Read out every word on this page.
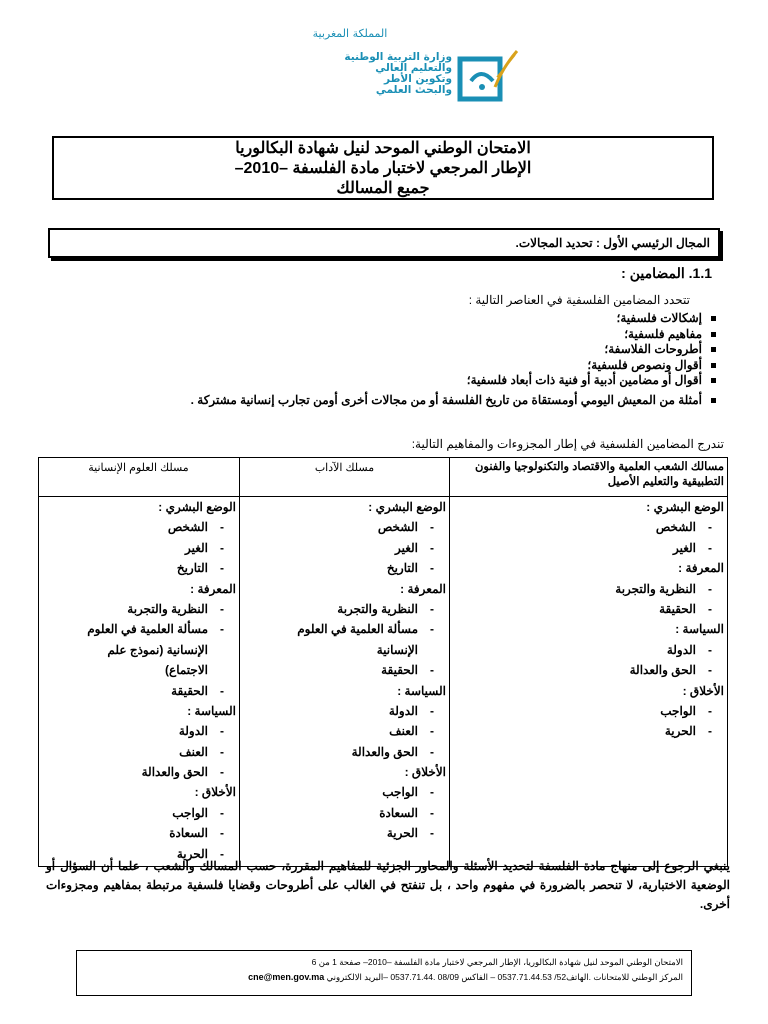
المملكة المغربية
وزارة التربية الوطنية
والتعليم العالي
وتكوين الأطر
والبحث العلمي
الامتحان الوطني الموحد لنيل شهادة البكالوريا
الإطار المرجعي لاختبار مادة الفلسفة –2010–
جميع المسالك
المجال الرئيسي الأول : تحديد المجالات.
1.1. المضامين :
تتحدد المضامين الفلسفية في العناصر التالية :
إشكالات فلسفية؛
مفاهيم فلسفية؛
أطروحات الفلاسفة؛
أقوال ونصوص فلسفية؛
أقوال أو مضامين أدبية أو فنية ذات أبعاد فلسفية؛
أمثلة من المعيش اليومي أومستقاة من تاريخ الفلسفة أو من مجالات أخرى أومن تجارب إنسانية مشتركة .
تندرج المضامين الفلسفية في إطار المجزوءات والمفاهيم التالية:
مسالك الشعب العلمية والاقتصاد والتكنولوجيا والفنون التطبيقية والتعليم الأصيل
مسلك الآداب
مسلك العلوم الإنسانية
الوضع البشري :
-الشخص
-الغير
المعرفة :
-النظرية والتجربة
-الحقيقة
السياسة :
-الدولة
-الحق والعدالة
الأخلاق :
-الواجب
-الحرية
الوضع البشري :
-الشخص
-الغير
-التاريخ
المعرفة :
-النظرية والتجربة
-مسألة العلمية في العلوم
الإنسانية
-الحقيقة
السياسة :
-الدولة
-العنف
-الحق والعدالة
الأخلاق :
-الواجب
-السعادة
-الحرية
الوضع البشري :
-الشخص
-الغير
-التاريخ
المعرفة :
-النظرية والتجربة
-مسألة العلمية في العلوم
الإنسانية (نموذج علم
الاجتماع)
-الحقيقة
السياسة :
-الدولة
-العنف
-الحق والعدالة
الأخلاق :
-الواجب
-السعادة
-الحرية
ينبغي الرجوع إلى منهاج مادة الفلسفة لتحديد الأسئلة والمحاور الجزئية للمفاهيم المقررة، حسب المسالك والشعب ، علما أن السؤال أو الوضعية الاختبارية، لا تنحصر بالضرورة في مفهوم واحد ، بل تنفتح في الغالب على أطروحات وقضايا فلسفية مرتبطة بمفاهيم ومجزوءات أخرى.
الامتحان الوطني الموحد لنيل شهادة البكالوريا، الإطار المرجعي لاختبار مادة الفلسفة –2010– صفحة 1 من 6
المركز الوطني للامتحانات .الهاتف52/ 0537.71.44.53 – الفاكس 08/09 .0537.71.44 –البريد الالكتروني cne@men.gov.ma
